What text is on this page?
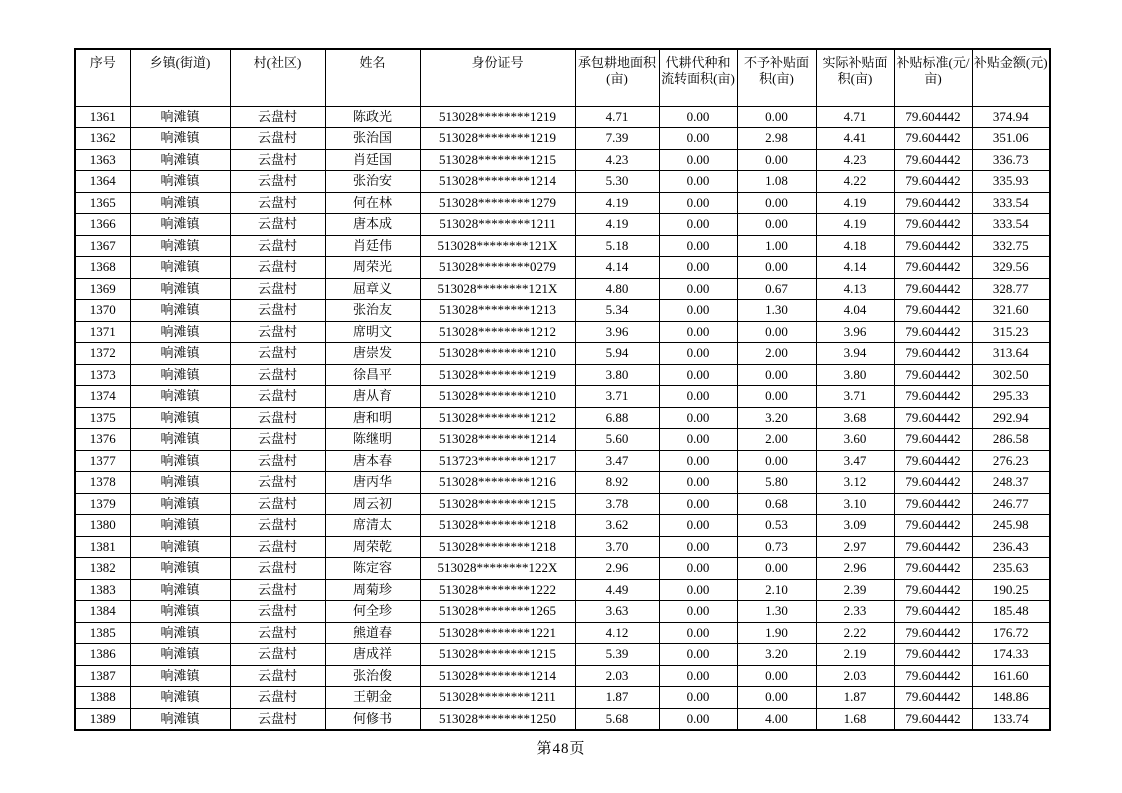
序号	乡镇(街道)	村(社区)	姓名	身份证号	承包耕地面积(亩)	代耕代种和流转面积(亩)	不予补贴面积(亩)	实际补贴面积(亩)	补贴标准(元/亩)	补贴金额(元)
1361	响滩镇	云盘村	陈政光	513028********1219	4.71	0.00	0.00	4.71	79.604442	374.94
1362	响滩镇	云盘村	张治国	513028********1219	7.39	0.00	2.98	4.41	79.604442	351.06
1363	响滩镇	云盘村	肖廷国	513028********1215	4.23	0.00	0.00	4.23	79.604442	336.73
1364	响滩镇	云盘村	张治安	513028********1214	5.30	0.00	1.08	4.22	79.604442	335.93
1365	响滩镇	云盘村	何在林	513028********1279	4.19	0.00	0.00	4.19	79.604442	333.54
1366	响滩镇	云盘村	唐本成	513028********1211	4.19	0.00	0.00	4.19	79.604442	333.54
1367	响滩镇	云盘村	肖廷伟	513028********121X	5.18	0.00	1.00	4.18	79.604442	332.75
1368	响滩镇	云盘村	周荣光	513028********0279	4.14	0.00	0.00	4.14	79.604442	329.56
1369	响滩镇	云盘村	屈章义	513028********121X	4.80	0.00	0.67	4.13	79.604442	328.77
1370	响滩镇	云盘村	张治友	513028********1213	5.34	0.00	1.30	4.04	79.604442	321.60
1371	响滩镇	云盘村	席明文	513028********1212	3.96	0.00	0.00	3.96	79.604442	315.23
1372	响滩镇	云盘村	唐崇发	513028********1210	5.94	0.00	2.00	3.94	79.604442	313.64
1373	响滩镇	云盘村	徐昌平	513028********1219	3.80	0.00	0.00	3.80	79.604442	302.50
1374	响滩镇	云盘村	唐从育	513028********1210	3.71	0.00	0.00	3.71	79.604442	295.33
1375	响滩镇	云盘村	唐和明	513028********1212	6.88	0.00	3.20	3.68	79.604442	292.94
1376	响滩镇	云盘村	陈继明	513028********1214	5.60	0.00	2.00	3.60	79.604442	286.58
1377	响滩镇	云盘村	唐本春	513723********1217	3.47	0.00	0.00	3.47	79.604442	276.23
1378	响滩镇	云盘村	唐丙华	513028********1216	8.92	0.00	5.80	3.12	79.604442	248.37
1379	响滩镇	云盘村	周云初	513028********1215	3.78	0.00	0.68	3.10	79.604442	246.77
1380	响滩镇	云盘村	席清太	513028********1218	3.62	0.00	0.53	3.09	79.604442	245.98
1381	响滩镇	云盘村	周荣乾	513028********1218	3.70	0.00	0.73	2.97	79.604442	236.43
1382	响滩镇	云盘村	陈定容	513028********122X	2.96	0.00	0.00	2.96	79.604442	235.63
1383	响滩镇	云盘村	周菊珍	513028********1222	4.49	0.00	2.10	2.39	79.604442	190.25
1384	响滩镇	云盘村	何全珍	513028********1265	3.63	0.00	1.30	2.33	79.604442	185.48
1385	响滩镇	云盘村	熊道春	513028********1221	4.12	0.00	1.90	2.22	79.604442	176.72
1386	响滩镇	云盘村	唐成祥	513028********1215	5.39	0.00	3.20	2.19	79.604442	174.33
1387	响滩镇	云盘村	张治俊	513028********1214	2.03	0.00	0.00	2.03	79.604442	161.60
1388	响滩镇	云盘村	王朝金	513028********1211	1.87	0.00	0.00	1.87	79.604442	148.86
1389	响滩镇	云盘村	何修书	513028********1250	5.68	0.00	4.00	1.68	79.604442	133.74
第48页
